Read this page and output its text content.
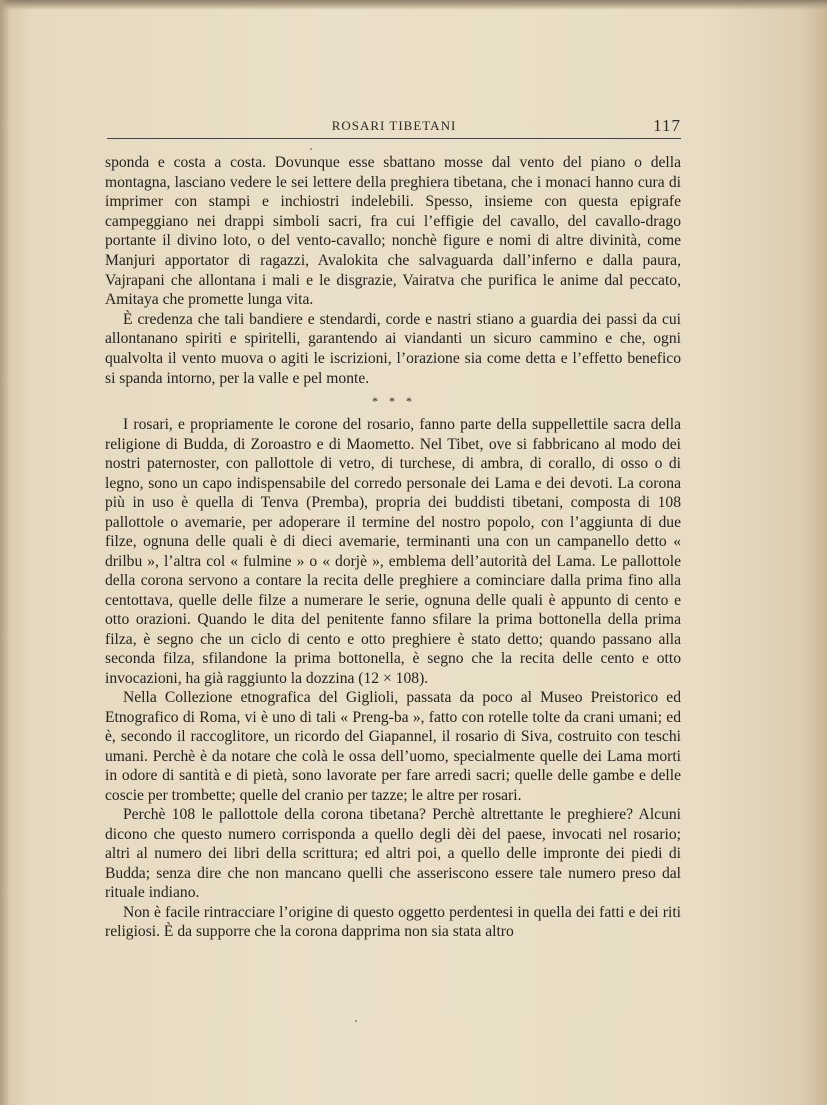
ROSARI TIBETANI	117

sponda e costa a costa. Dovunque esse sbattano mosse dal vento del piano o della montagna, lasciano vedere le sei lettere della preghiera tibetana, che i monaci hanno cura di imprimer con stampi e inchiostri indelebili. Spesso, insieme con questa epigrafe campeggiano nei drappi simboli sacri, fra cui l’effigie del cavallo, del cavallo-drago portante il divino loto, o del vento-cavallo; nonchè figure e nomi di altre divinità, come Manjuri apportator di ragazzi, Avalokita che salvaguarda dall’inferno e dalla paura, Vajrapani che allontana i mali e le disgrazie, Vairatva che purifica le anime dal peccato, Amitaya che promette lunga vita.

È credenza che tali bandiere e stendardi, corde e nastri stiano a guardia dei passi da cui allontanano spiriti e spiritelli, garantendo ai viandanti un sicuro cammino e che, ogni qualvolta il vento muova o agiti le iscrizioni, l’orazione sia come detta e l’effetto benefico si spanda intorno, per la valle e pel monte.

* * *

I rosari, e propriamente le corone del rosario, fanno parte della suppellettile sacra della religione di Budda, di Zoroastro e di Maometto. Nel Tibet, ove si fabbricano al modo dei nostri paternoster, con pallottole di vetro, di turchese, di ambra, di corallo, di osso o di legno, sono un capo indispensabile del corredo personale dei Lama e dei devoti. La corona più in uso è quella di Tenva (Premba), propria dei buddisti tibetani, composta di 108 pallottole o avemarie, per adoperare il termine del nostro popolo, con l’aggiunta di due filze, ognuna delle quali è di dieci avemarie, terminanti una con un campanello detto « drilbu », l’altra col « fulmine » o « dorjè », emblema dell’autorità del Lama. Le pallottole della corona servono a contare la recita delle preghiere a cominciare dalla prima fino alla centottava, quelle delle filze a numerare le serie, ognuna delle quali è appunto di cento e otto orazioni. Quando le dita del penitente fanno sfilare la prima bottonella della prima filza, è segno che un ciclo di cento e otto preghiere è stato detto; quando passano alla seconda filza, sfilandone la prima bottonella, è segno che la recita delle cento e otto invocazioni, ha già raggiunto la dozzina (12 × 108).

Nella Collezione etnografica del Giglioli, passata da poco al Museo Preistorico ed Etnografico di Roma, vi è uno di tali « Preng-ba », fatto con rotelle tolte da crani umani; ed è, secondo il raccoglitore, un ricordo del Giapannel, il rosario di Siva, costruito con teschi umani. Perchè è da notare che colà le ossa dell’uomo, specialmente quelle dei Lama morti in odore di santità e di pietà, sono lavorate per fare arredi sacri; quelle delle gambe e delle coscie per trombette; quelle del cranio per tazze; le altre per rosari.

Perchè 108 le pallottole della corona tibetana? Perchè altrettante le preghiere? Alcuni dicono che questo numero corrisponda a quello degli dèi del paese, invocati nel rosario; altri al numero dei libri della scrittura; ed altri poi, a quello delle impronte dei piedi di Budda; senza dire che non mancano quelli che asseriscono essere tale numero preso dal rituale indiano.

Non è facile rintracciare l’origine di questo oggetto perdentesi in quella dei fatti e dei riti religiosi. È da supporre che la corona dapprima non sia stata altro
